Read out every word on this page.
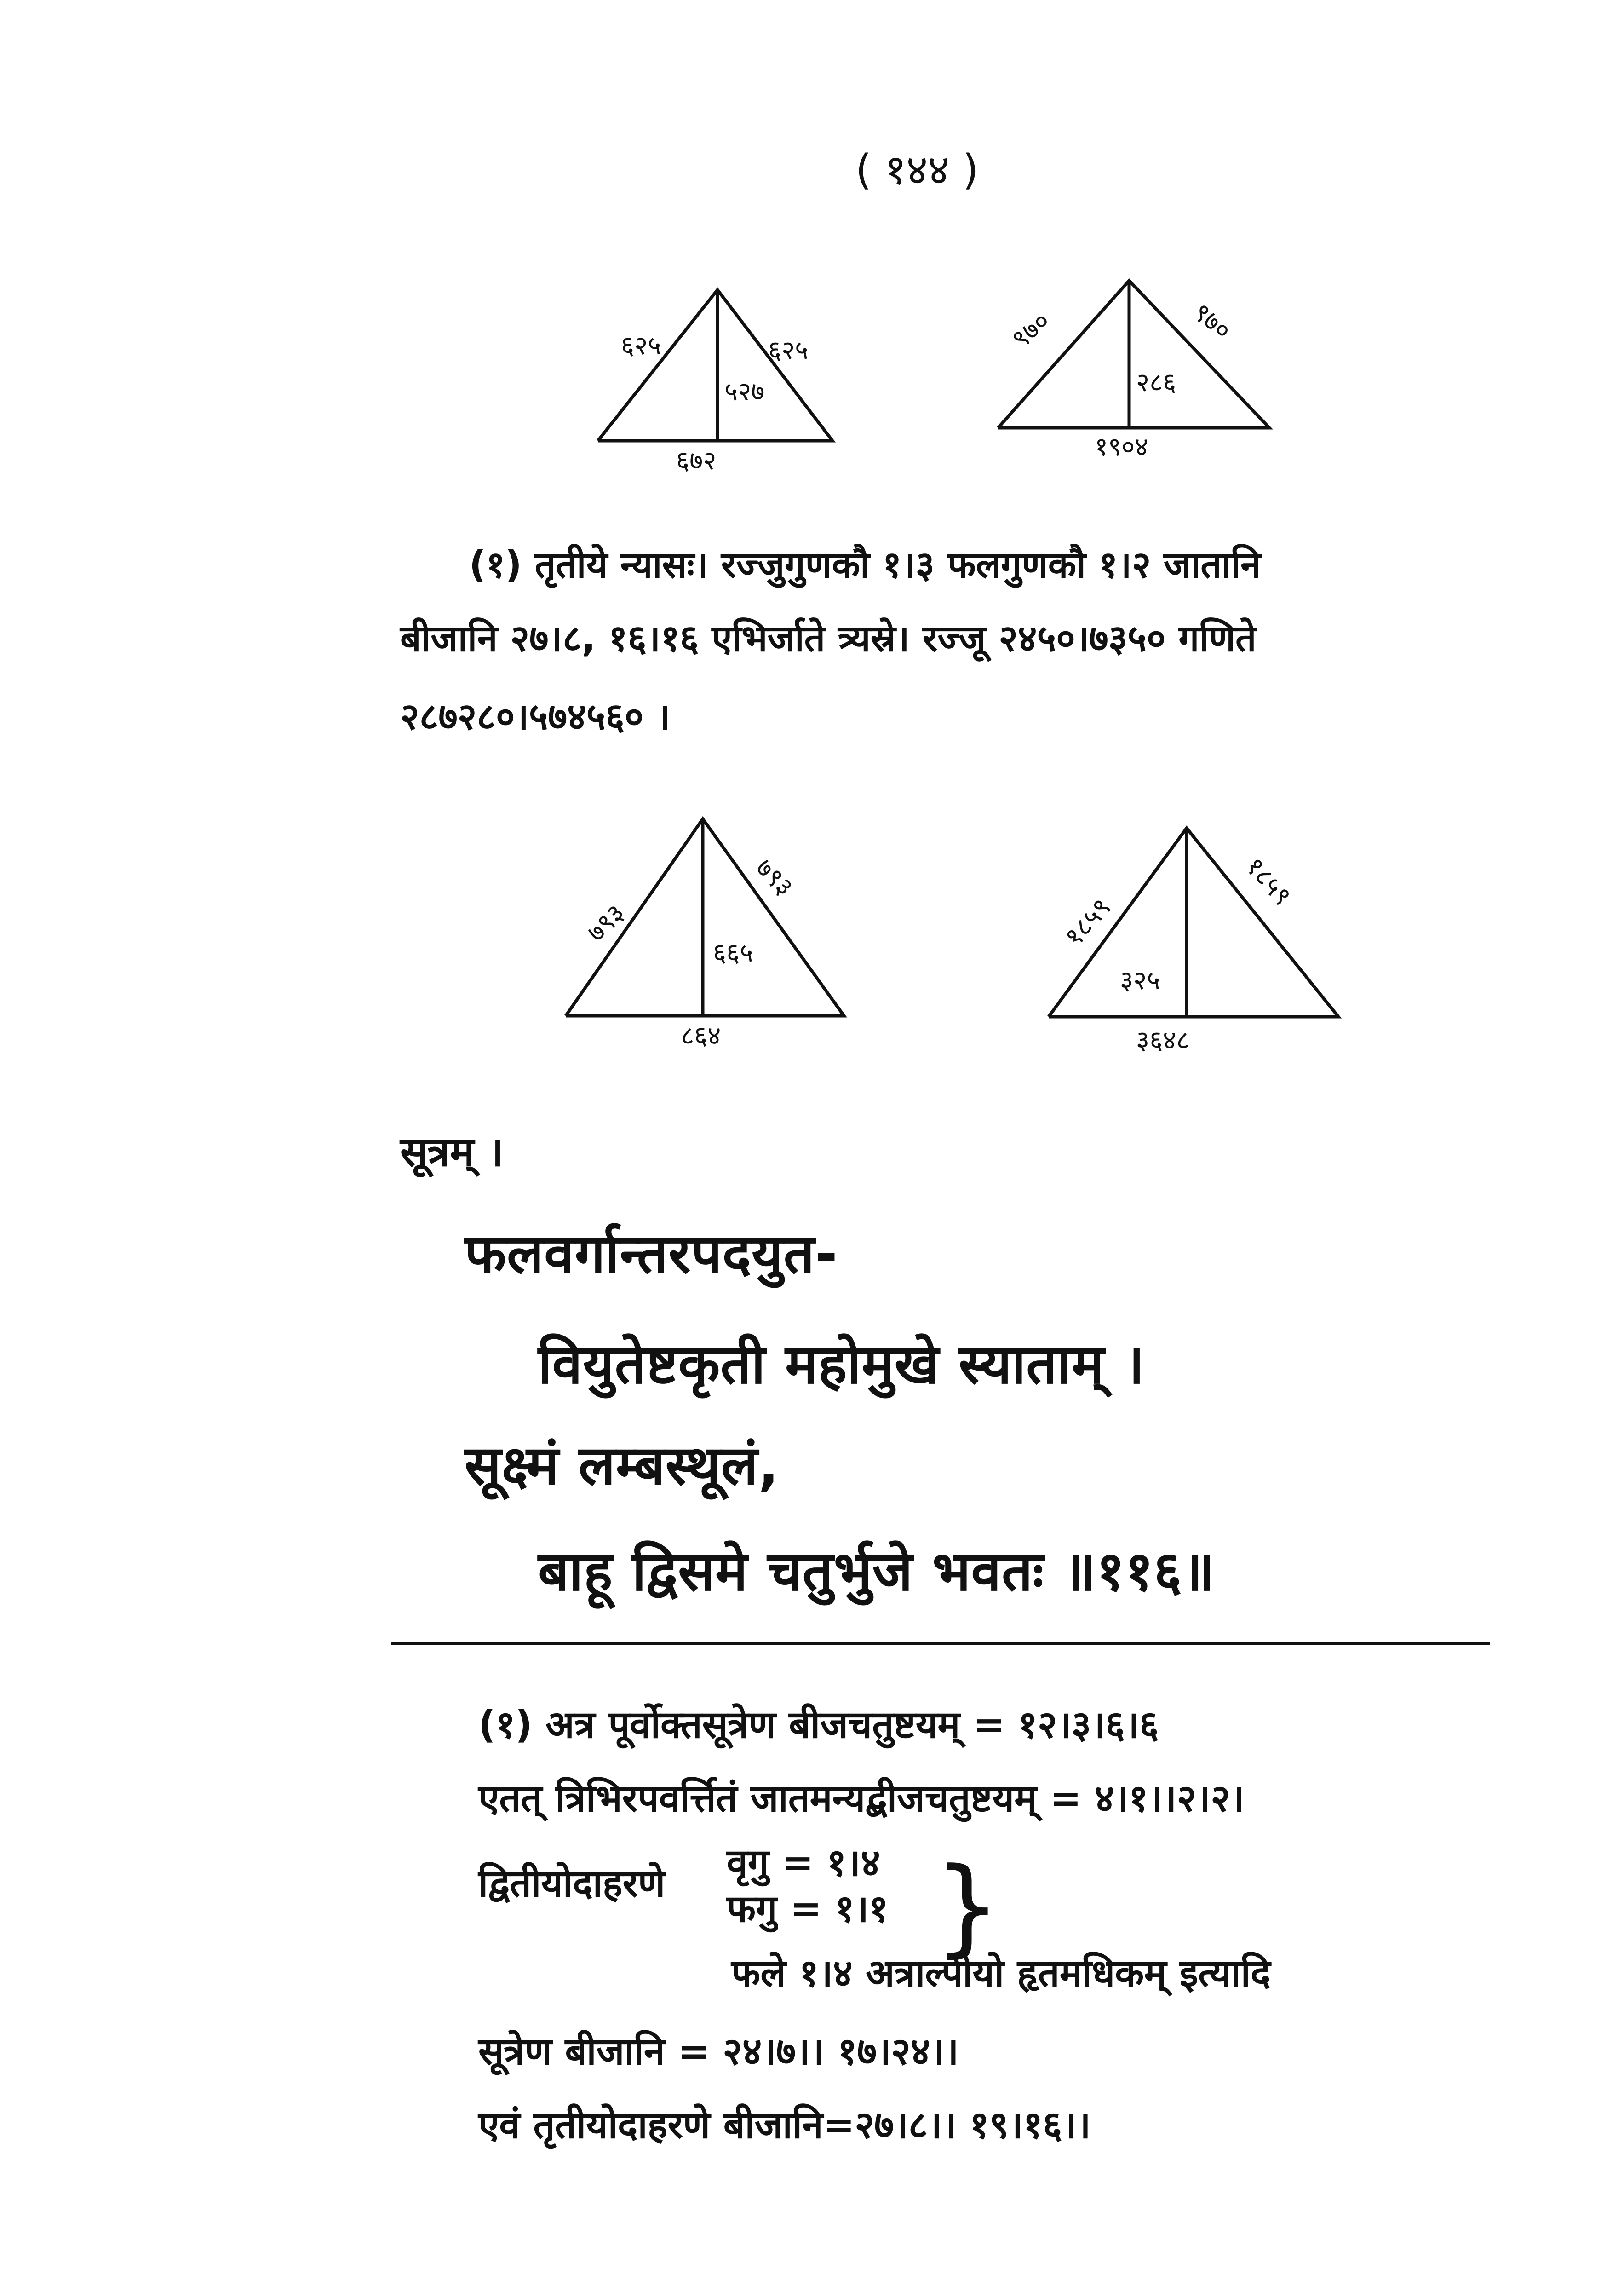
( १४४ )
६२५	६२५
५२७
६७२
९७०	९७०
२८६
१९०४
(१) तृतीये न्यासः। रज्जुगुणकौ १।३ फलगुणकौ १।२ जातानि
बीजानि २७।८, १६।१६ एभिर्जाते त्र्यस्रे। रज्जू २४५०।७३५० गणिते
२८७२८०।५७४५६० ।
७९३
७९३
६६५
८६४
१८५९
१८५९
३२५
३६४८
सूत्रम् ।
फलवर्गान्तरपदयुत-
वियुतेष्टकृती महोमुखे स्याताम् ।
सूक्ष्मं लम्बस्थूलं,
बाहू द्विसमे चतुर्भुजे भवतः ॥११६॥
(१) अत्र पूर्वोक्तसूत्रेण बीजचतुष्टयम् = १२।३।६।६
एतत् त्रिभिरपवर्त्तितं जातमन्यद्बीजचतुष्टयम् = ४।१।।२।२।
द्वितीयोदाहरणे वृगु = १।४
फगु = १।१ }
फले १।४ अत्राल्पीयो हृतमधिकम् इत्यादि
सूत्रेण बीजानि = २४।७।। १७।२४।।
एवं तृतीयोदाहरणे बीजानि=२७।८।। १९।१६।।
